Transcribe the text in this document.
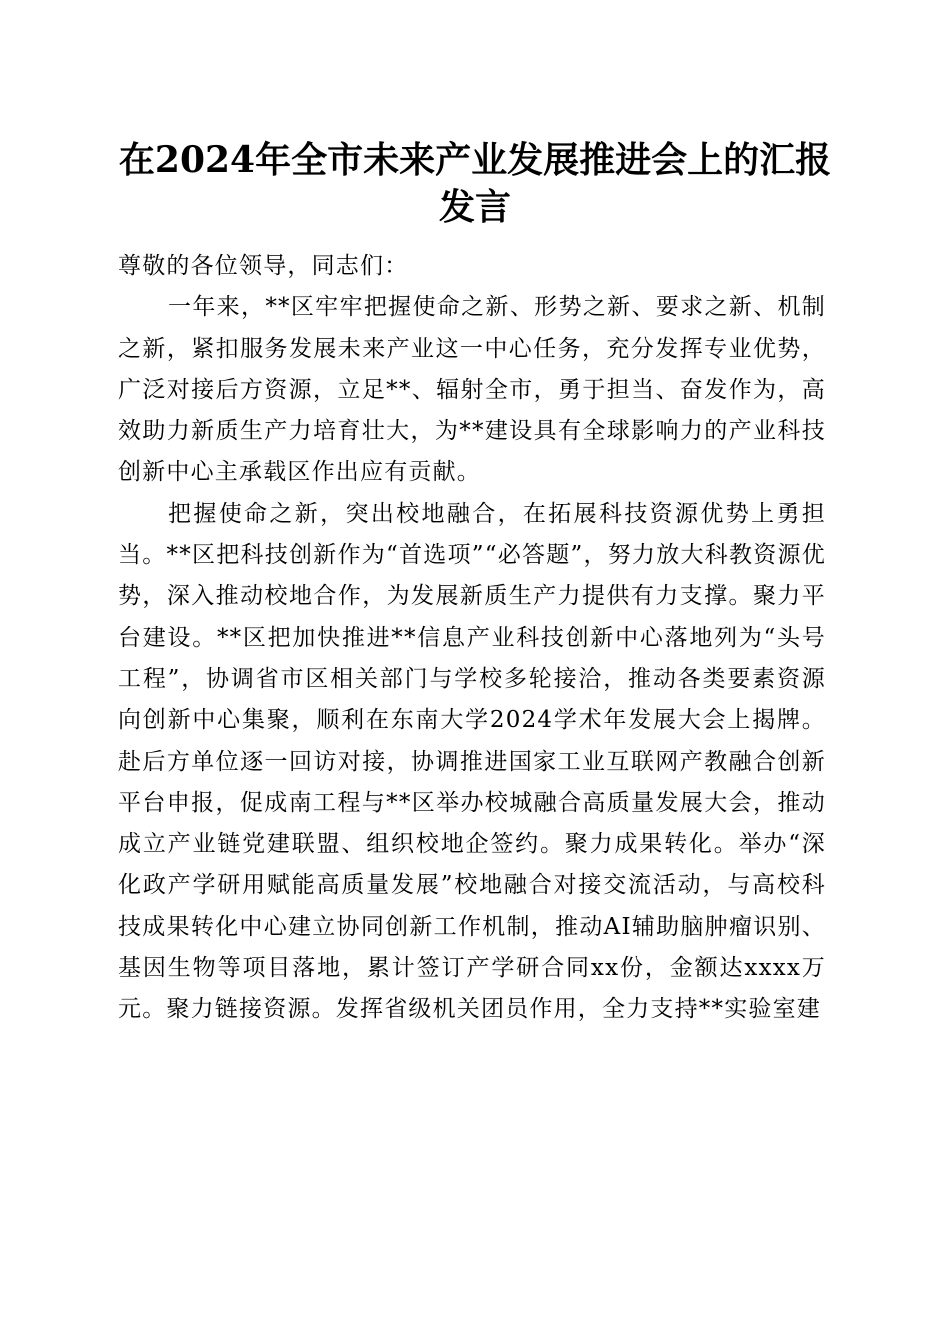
在2024年全市未来产业发展推进会上的汇报发言

尊敬的各位领导，同志们：

一年来，**区牢牢把握使命之新、形势之新、要求之新、机制之新，紧扣服务发展未来产业这一中心任务，充分发挥专业优势，广泛对接后方资源，立足**、辐射全市，勇于担当、奋发作为，高效助力新质生产力培育壮大，为**建设具有全球影响力的产业科技创新中心主承载区作出应有贡献。

把握使命之新，突出校地融合，在拓展科技资源优势上勇担当。**区把科技创新作为“首选项”“必答题”，努力放大科教资源优势，深入推动校地合作，为发展新质生产力提供有力支撑。聚力平台建设。**区把加快推进**信息产业科技创新中心落地列为“头号工程”，协调省市区相关部门与学校多轮接洽，推动各类要素资源向创新中心集聚，顺利在东南大学2024学术年发展大会上揭牌。赴后方单位逐一回访对接，协调推进国家工业互联网产教融合创新平台申报，促成南工程与**区举办校城融合高质量发展大会，推动成立产业链党建联盟、组织校地企签约。聚力成果转化。举办“深化政产学研用赋能高质量发展”校地融合对接交流活动，与高校科技成果转化中心建立协同创新工作机制，推动AI辅助脑肿瘤识别、基因生物等项目落地，累计签订产学研合同xx份，金额达xxxx万元。聚力链接资源。发挥省级机关团员作用，全力支持**实验室建
